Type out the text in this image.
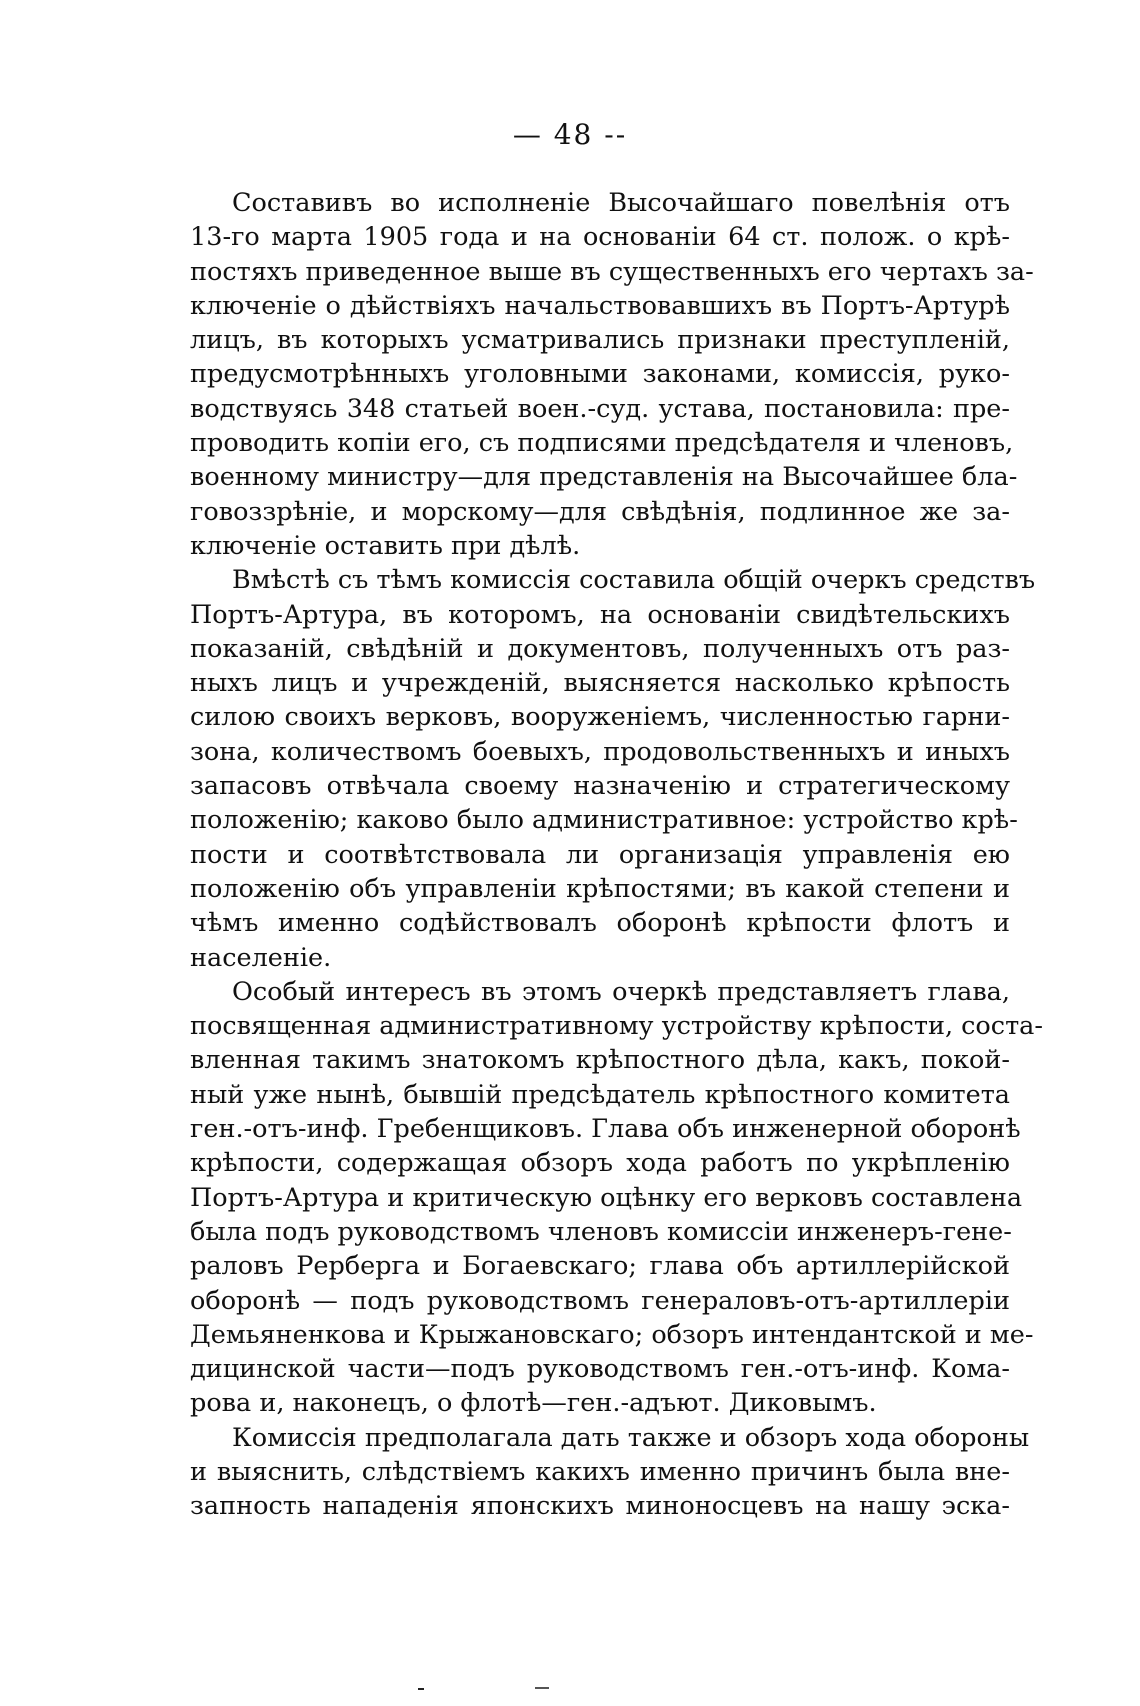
— 48 --
Составивъ во исполненіе Высочайшаго повелѣнія отъ
13-го марта 1905 года и на основаніи 64 ст. полож. о крѣ-
постяхъ приведенное выше въ существенныхъ его чертахъ за-
ключеніе о дѣйствіяхъ начальствовавшихъ въ Портъ-Артурѣ
лицъ, въ которыхъ усматривались признаки преступленій,
предусмотрѣнныхъ уголовными законами, комиссія, руко-
водствуясь 348 статьей воен.-суд. устава, постановила: пре-
проводить копіи его, съ подписями предсѣдателя и членовъ,
военному министру—для представленія на Высочайшее бла-
говоззрѣніе, и морскому—для свѣдѣнія, подлинное же за-
ключеніе оставить при дѣлѣ.
Вмѣстѣ съ тѣмъ комиссія составила общій очеркъ средствъ
Портъ-Артура, въ которомъ, на основаніи свидѣтельскихъ
показаній, свѣдѣній и документовъ, полученныхъ отъ раз-
ныхъ лицъ и учрежденій, выясняется насколько крѣпость
силою своихъ верковъ, вооруженіемъ, численностью гарни-
зона, количествомъ боевыхъ, продовольственныхъ и иныхъ
запасовъ отвѣчала своему назначенію и стратегическому
положенію; каково было административное: устройство крѣ-
пости и соотвѣтствовала ли организація управленія ею
положенію объ управленіи крѣпостями; въ какой степени и
чѣмъ именно содѣйствовалъ оборонѣ крѣпости флотъ и
населеніе.
Особый интересъ въ этомъ очеркѣ представляетъ глава,
посвященная административному устройству крѣпости, соста-
вленная такимъ знатокомъ крѣпостного дѣла, какъ, покой-
ный уже нынѣ, бывшій предсѣдатель крѣпостного комитета
ген.-отъ-инф. Гребенщиковъ. Глава объ инженерной оборонѣ
крѣпости, содержащая обзоръ хода работъ по укрѣпленію
Портъ-Артура и критическую оцѣнку его верковъ составлена
была подъ руководствомъ членовъ комиссіи инженеръ-гене-
раловъ Рерберга и Богаевскаго; глава объ артиллерійской
оборонѣ — подъ руководствомъ генераловъ-отъ-артиллеріи
Демьяненкова и Крыжановскаго; обзоръ интендантской и ме-
дицинской части—подъ руководствомъ ген.-отъ-инф. Кома-
рова и, наконецъ, о флотѣ—ген.-адъют. Диковымъ.
Комиссія предполагала дать также и обзоръ хода обороны
и выяснить, слѣдствіемъ какихъ именно причинъ была вне-
запность нападенія японскихъ миноносцевъ на нашу эска-
